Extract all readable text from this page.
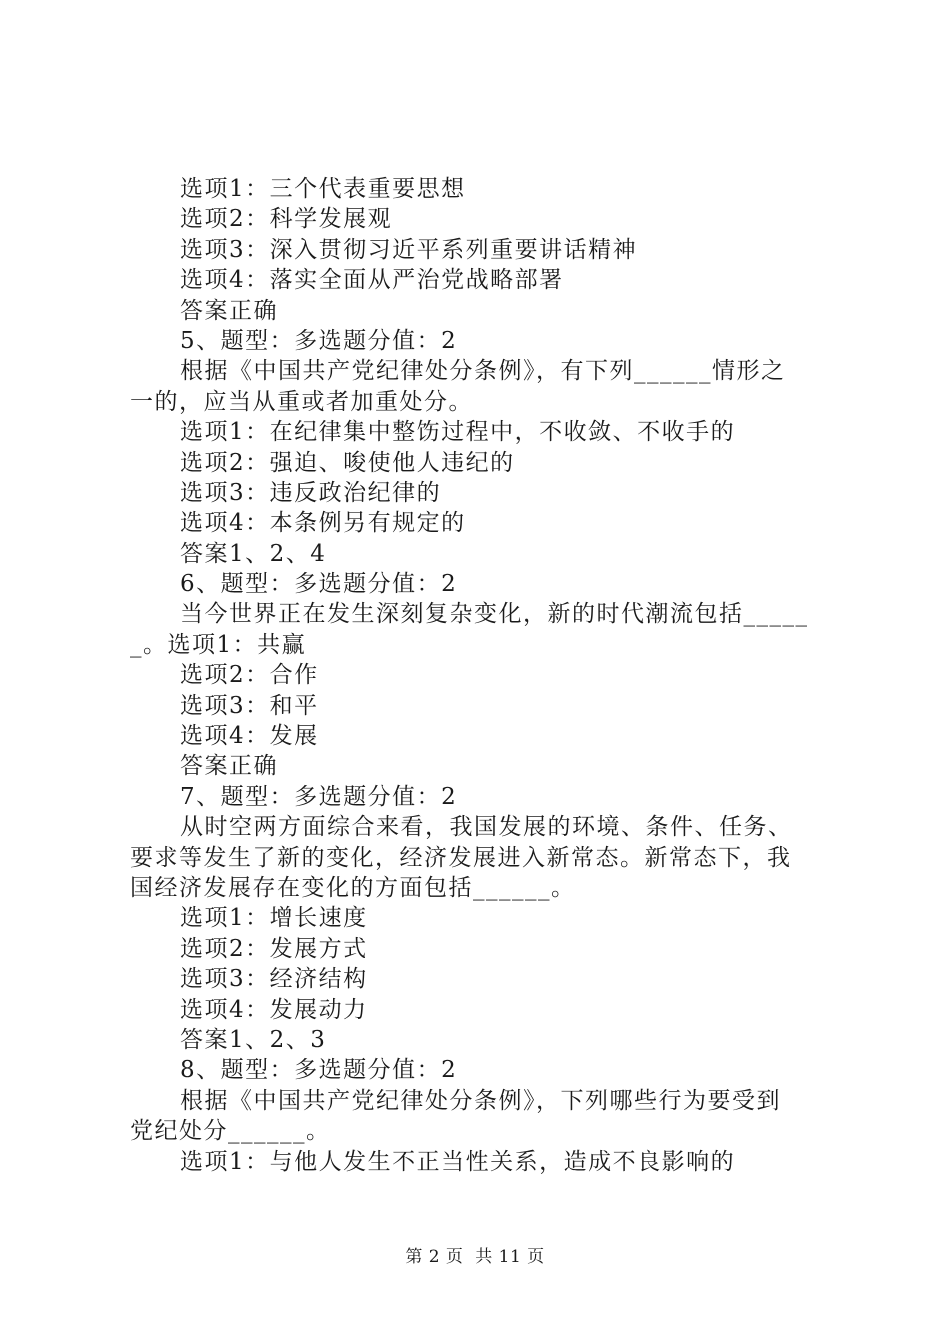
选项1：三个代表重要思想
选项2：科学发展观
选项3：深入贯彻习近平系列重要讲话精神
选项4：落实全面从严治党战略部署
答案正确
5、题型：多选题分值：2
根据《中国共产党纪律处分条例》，有下列______情形之
一的，应当从重或者加重处分。
选项1：在纪律集中整饬过程中，不收敛、不收手的
选项2：强迫、唆使他人违纪的
选项3：违反政治纪律的
选项4：本条例另有规定的
答案1、2、4
6、题型：多选题分值：2
当今世界正在发生深刻复杂变化，新的时代潮流包括_____
_。选项1：共赢
选项2：合作
选项3：和平
选项4：发展
答案正确
7、题型：多选题分值：2
从时空两方面综合来看，我国发展的环境、条件、任务、
要求等发生了新的变化，经济发展进入新常态。新常态下，我
国经济发展存在变化的方面包括______。
选项1：增长速度
选项2：发展方式
选项3：经济结构
选项4：发展动力
答案1、2、3
8、题型：多选题分值：2
根据《中国共产党纪律处分条例》，下列哪些行为要受到
党纪处分______。
选项1：与他人发生不正当性关系，造成不良影响的
第 2 页  共 11 页
